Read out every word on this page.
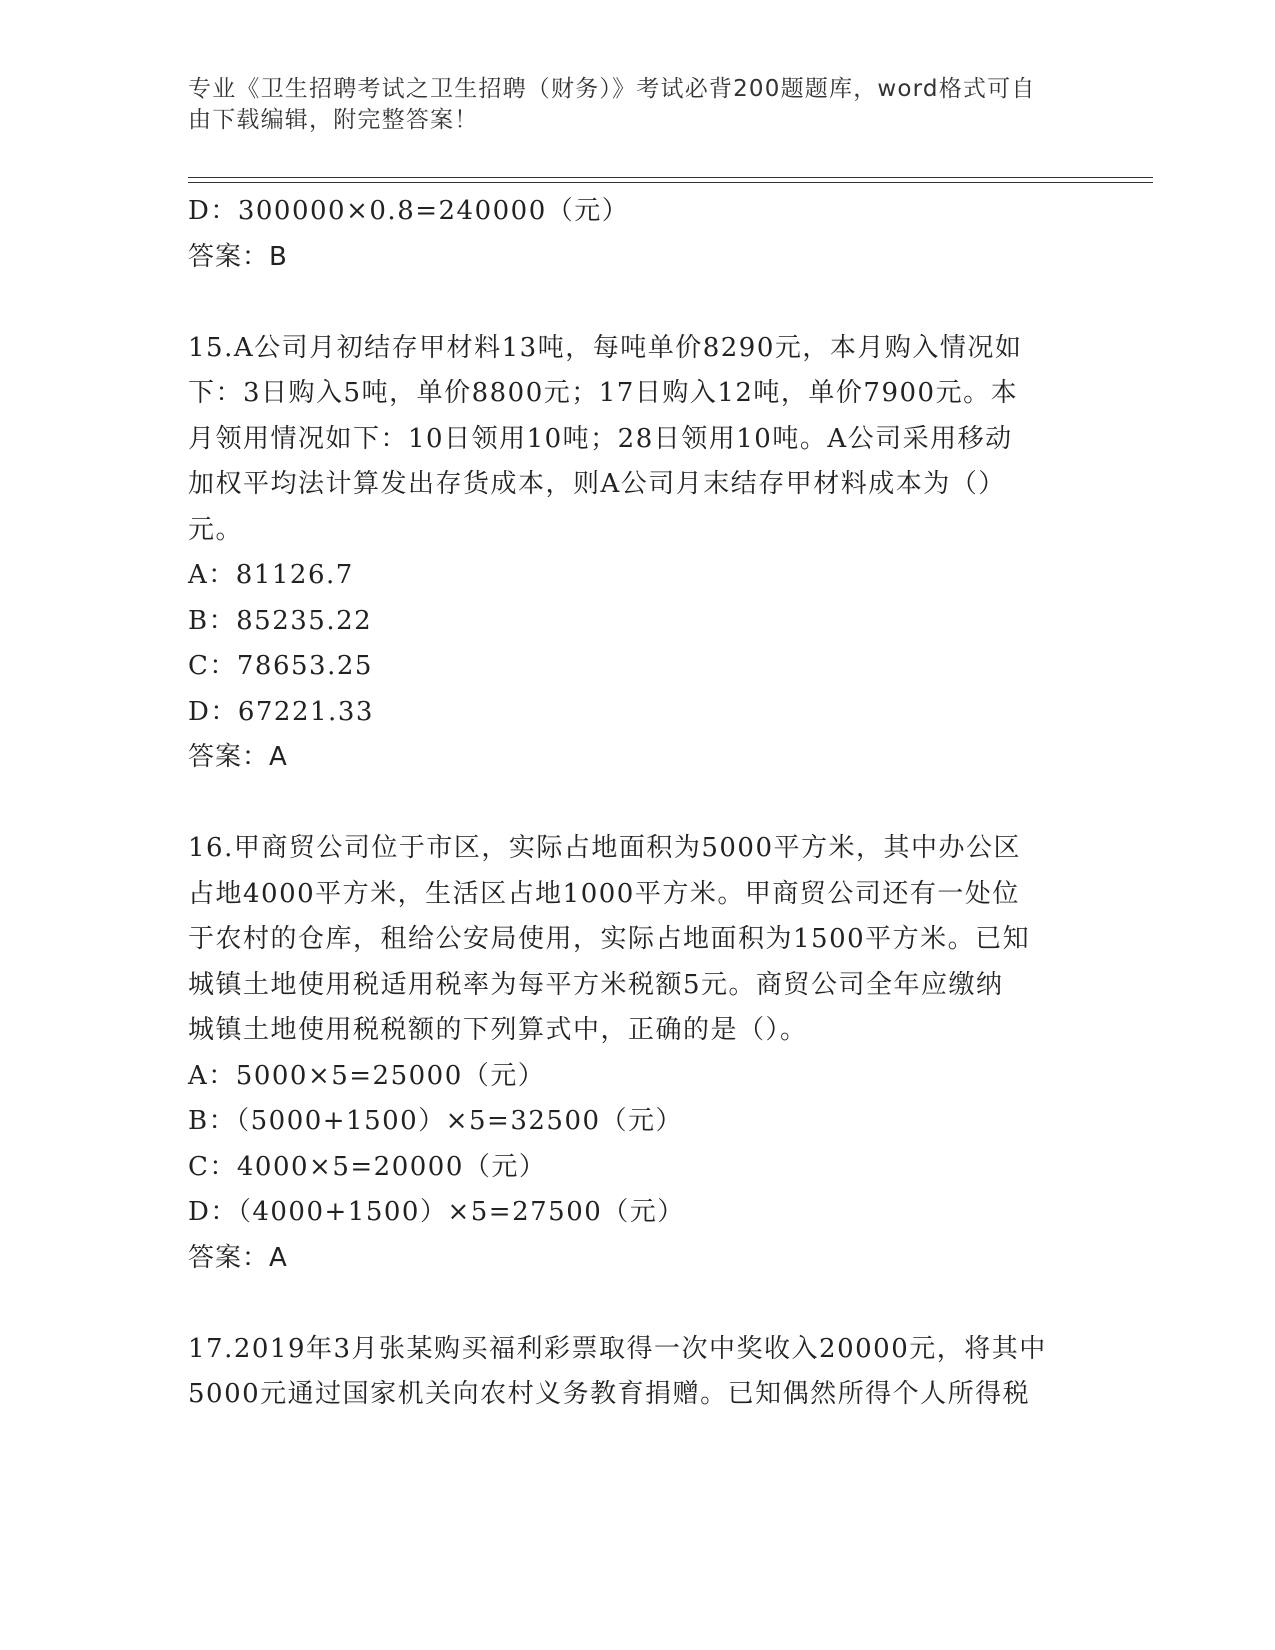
专业《卫生招聘考试之卫生招聘（财务）》考试必背200题题库，word格式可自
由下载编辑，附完整答案！
D：300000×0.8=240000（元）
答案：B
15.A公司月初结存甲材料13吨，每吨单价8290元，本月购入情况如
下：3日购入5吨，单价8800元；17日购入12吨，单价7900元。本
月领用情况如下：10日领用10吨；28日领用10吨。A公司采用移动
加权平均法计算发出存货成本，则A公司月末结存甲材料成本为（）
元。
A：81126.7
B：85235.22
C：78653.25
D：67221.33
答案：A
16.甲商贸公司位于市区，实际占地面积为5000平方米，其中办公区
占地4000平方米，生活区占地1000平方米。甲商贸公司还有一处位
于农村的仓库，租给公安局使用，实际占地面积为1500平方米。已知
城镇土地使用税适用税率为每平方米税额5元。商贸公司全年应缴纳
城镇土地使用税税额的下列算式中，正确的是（）。
A：5000×5=25000（元）
B：（5000+1500）×5=32500（元）
C：4000×5=20000（元）
D：（4000+1500）×5=27500（元）
答案：A
17.2019年3月张某购买福利彩票取得一次中奖收入20000元，将其中
5000元通过国家机关向农村义务教育捐赠。已知偶然所得个人所得税
